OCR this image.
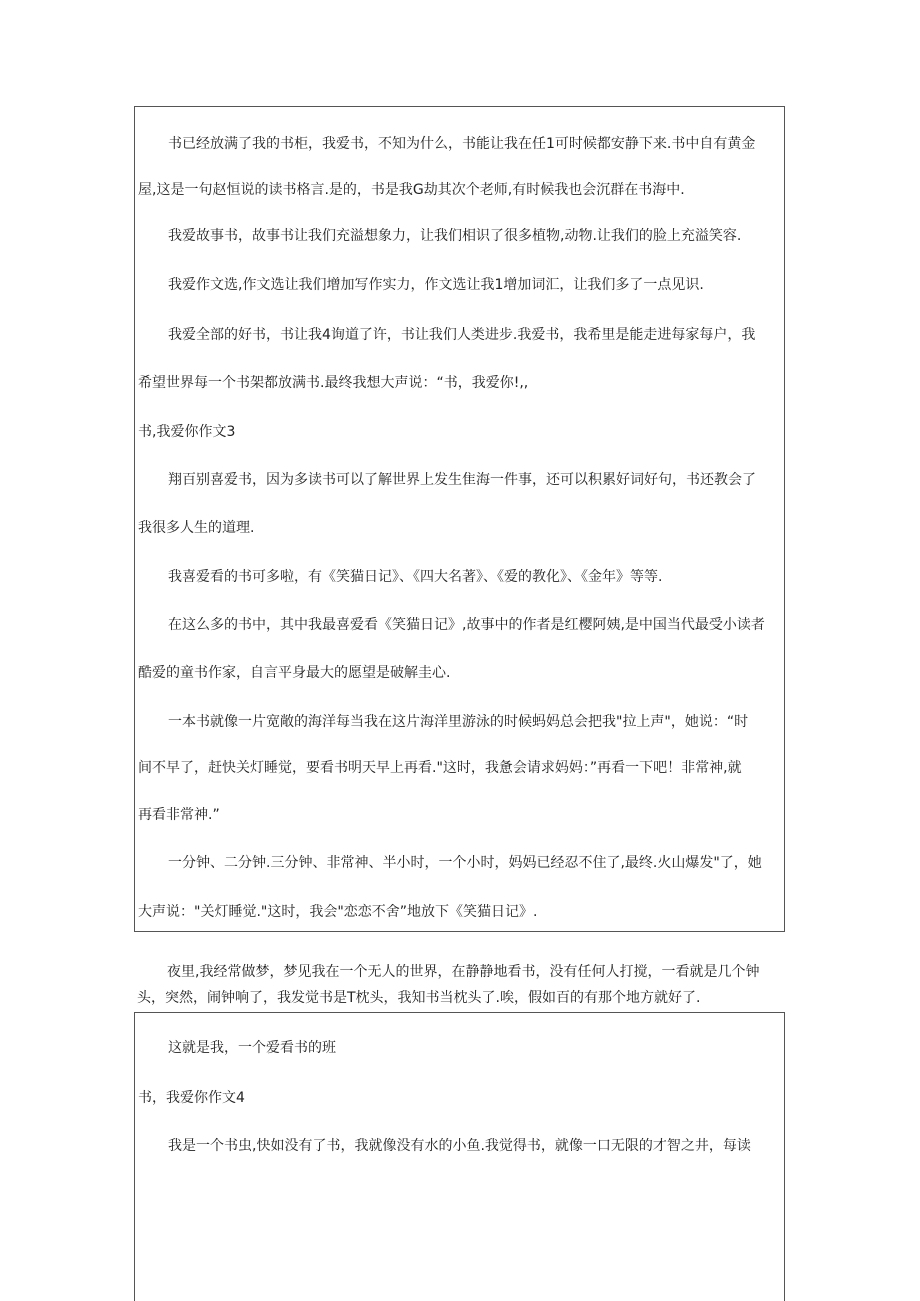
书已经放满了我的书柜，我爱书，不知为什么，书能让我在任1可时候都安静下来.书中自有黄金
屋,这是一句赵恒说的读书格言.是的，书是我G劫其次个老师,有时候我也会沉群在书海中.
我爱故事书，故事书让我们充溢想象力，让我们相识了很多植物,动物.让我们的脸上充溢笑容.
我爱作文选,作文选让我们增加写作实力，作文选让我1增加词汇，让我们多了一点见识.
我爱全部的好书，书让我4询道了许，书让我们人类进步.我爱书，我希里是能走进每家每户，我
希望世界每一个书架都放满书.最终我想大声说：“书，我爱你!,,
书,我爱你作文3
翔百别喜爱书，因为多读书可以了解世界上发生隹海一件事，还可以积累好词好句，书还教会了
我很多人生的道理.
我喜爱看的书可多啦，有《笑猫日记》、《四大名著》、《爱的教化》、《金年》等等.
在这么多的书中，其中我最喜爱看《笑猫日记》,故事中的作者是红樱阿姨,是中国当代最受小读者
酷爱的童书作家，自言平身最大的愿望是破解圭心.
一本书就像一片宽敞的海洋每当我在这片海洋里游泳的时候蚂妈总会把我"拉上声"，她说：“时
间不早了，赶快关灯睡觉，要看书明天早上再看."这时，我惫会请求妈妈：”再看一下吧！非常神,就
再看非常神.”
一分钟、二分钟.三分钟、非常神、半小时，一个小时，妈妈已经忍不住了,最终.火山爆发"了，她
大声说："关灯睡觉."这时，我会"恋恋不舍”地放下《笑猫日记》.
夜里,我经常做梦，梦见我在一个无人的世界，在静静地看书，没有任何人打搅，一看就是几个钟
头，突然，闹钟响了，我发觉书是T枕头，我知书当枕头了.唉，假如百的有那个地方就好了.
这就是我，一个爱看书的班
书，我爱你作文4
我是一个书虫,快如没有了书，我就像没有水的小鱼.我觉得书，就像一口无限的才智之井，每读
